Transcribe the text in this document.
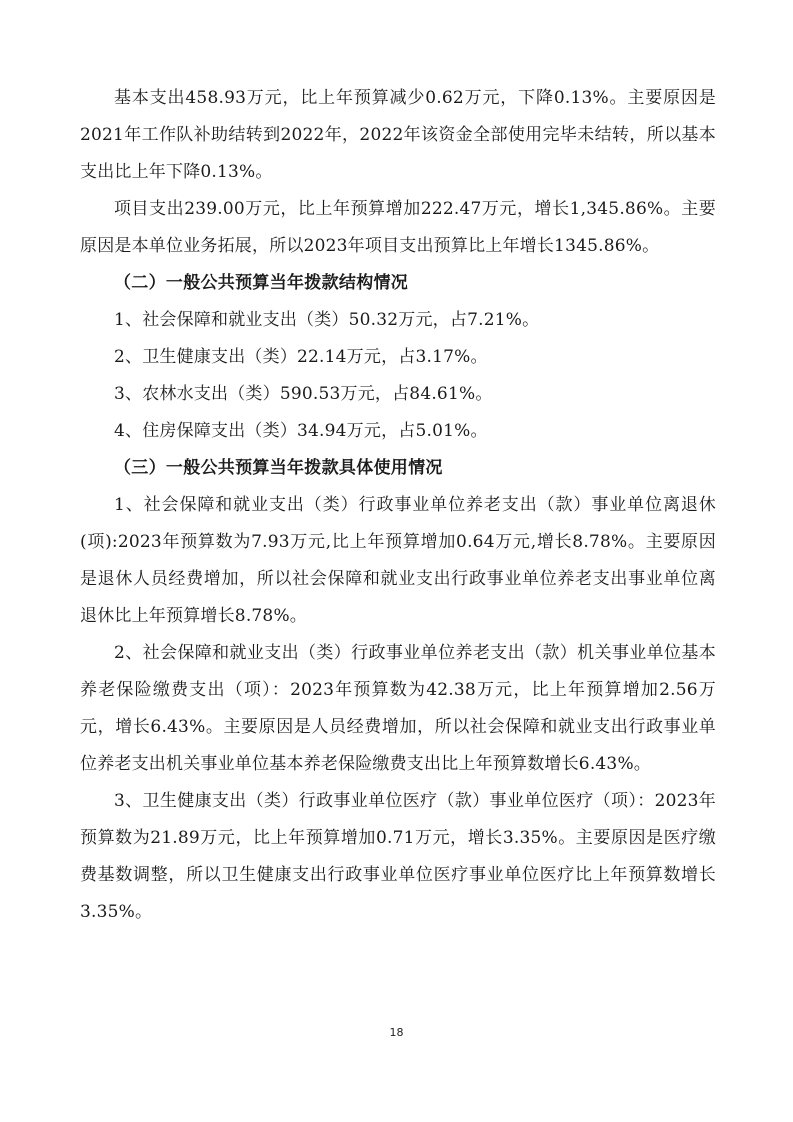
基本支出458.93万元，比上年预算减少0.62万元，下降0.13%。主要原因是2021年工作队补助结转到2022年，2022年该资金全部使用完毕未结转，所以基本支出比上年下降0.13%。

项目支出239.00万元，比上年预算增加222.47万元，增长1,345.86%。主要原因是本单位业务拓展，所以2023年项目支出预算比上年增长1345.86%。

（二）一般公共预算当年拨款结构情况

1、社会保障和就业支出（类）50.32万元，占7.21%。

2、卫生健康支出（类）22.14万元，占3.17%。

3、农林水支出（类）590.53万元，占84.61%。

4、住房保障支出（类）34.94万元，占5.01%。

（三）一般公共预算当年拨款具体使用情况

1、社会保障和就业支出（类）行政事业单位养老支出（款）事业单位离退休(项):2023年预算数为7.93万元,比上年预算增加0.64万元,增长8.78%。主要原因是退休人员经费增加，所以社会保障和就业支出行政事业单位养老支出事业单位离退休比上年预算增长8.78%。

2、社会保障和就业支出（类）行政事业单位养老支出（款）机关事业单位基本养老保险缴费支出（项）：2023年预算数为42.38万元，比上年预算增加2.56万元，增长6.43%。主要原因是人员经费增加，所以社会保障和就业支出行政事业单位养老支出机关事业单位基本养老保险缴费支出比上年预算数增长6.43%。

3、卫生健康支出（类）行政事业单位医疗（款）事业单位医疗（项）：2023年预算数为21.89万元，比上年预算增加0.71万元，增长3.35%。主要原因是医疗缴费基数调整，所以卫生健康支出行政事业单位医疗事业单位医疗比上年预算数增长3.35%。

18
